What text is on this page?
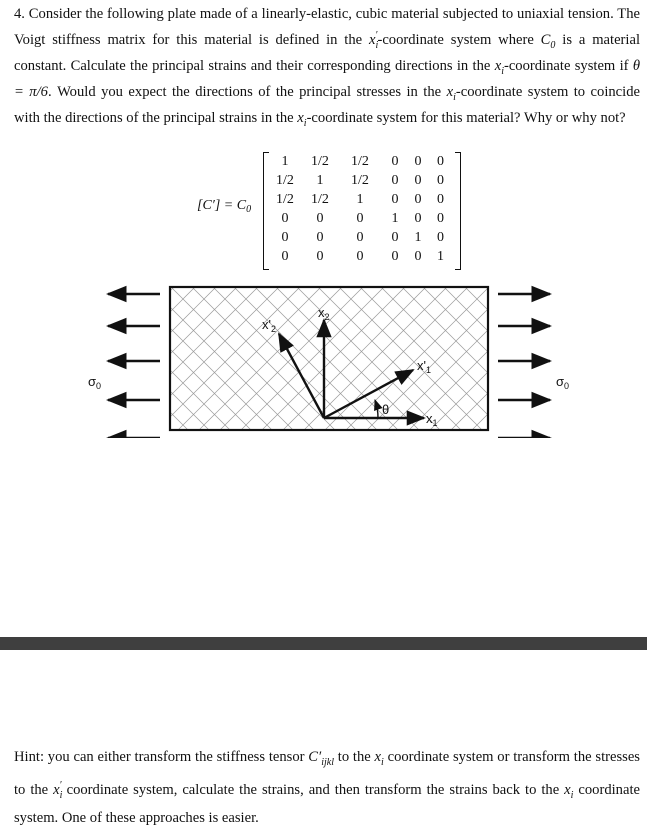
4. Consider the following plate made of a linearly-elastic, cubic material subjected to uniaxial tension. The Voigt stiffness matrix for this material is defined in the $x_i'$-coordinate system where $C_0$ is a material constant. Calculate the principal strains and their corresponding directions in the $x_i$-coordinate system if θ = π/6. Would you expect the directions of the principal stresses in the $x_i$-coordinate system to coincide with the directions of the principal strains in the $x_i$-coordinate system for this material? Why or why not?

$[C'] = C_0$
1	1/2	1/2	0	0	0
1/2	1	1/2	0	0	0
1/2	1/2	1	0	0	0
0	0	0	1	0	0
0	0	0	0	1	0
0	0	0	0	0	1
$\sigma_0$	$\sigma_0$
$x'_2$
$x_2$
$x'_1$
$x_1$
θ

Hint: you can either transform the stiffness tensor $C'_{ijkl}$ to the $x_i$ coordinate system or transform the stresses to the $x_i'$ coordinate system, calculate the strains, and then transform the strains back to the $x_i$ coordinate system. One of these approaches is easier.
